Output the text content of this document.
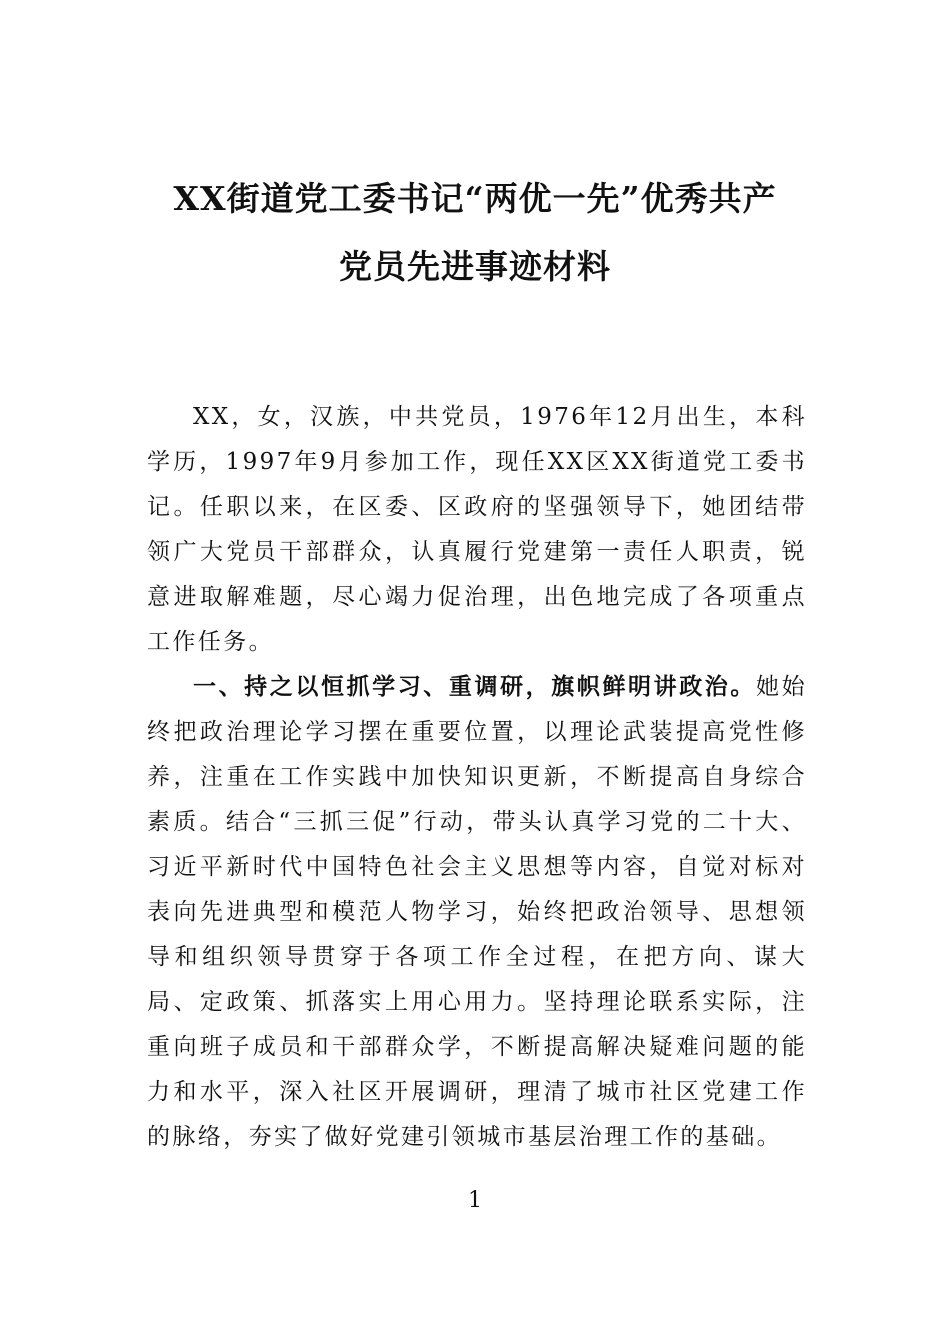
XX街道党工委书记“两优一先”优秀共产
党员先进事迹材料

XX，女，汉族，中共党员，1976年12月出生，本科学历，1997年9月参加工作，现任XX区XX街道党工委书记。任职以来，在区委、区政府的坚强领导下，她团结带领广大党员干部群众，认真履行党建第一责任人职责，锐意进取解难题，尽心竭力促治理，出色地完成了各项重点工作任务。

一、持之以恒抓学习、重调研，旗帜鲜明讲政治。她始终把政治理论学习摆在重要位置，以理论武装提高党性修养，注重在工作实践中加快知识更新，不断提高自身综合素质。结合“三抓三促”行动，带头认真学习党的二十大、习近平新时代中国特色社会主义思想等内容，自觉对标对表向先进典型和模范人物学习，始终把政治领导、思想领导和组织领导贯穿于各项工作全过程，在把方向、谋大局、定政策、抓落实上用心用力。坚持理论联系实际，注重向班子成员和干部群众学，不断提高解决疑难问题的能力和水平，深入社区开展调研，理清了城市社区党建工作的脉络，夯实了做好党建引领城市基层治理工作的基础。

1
